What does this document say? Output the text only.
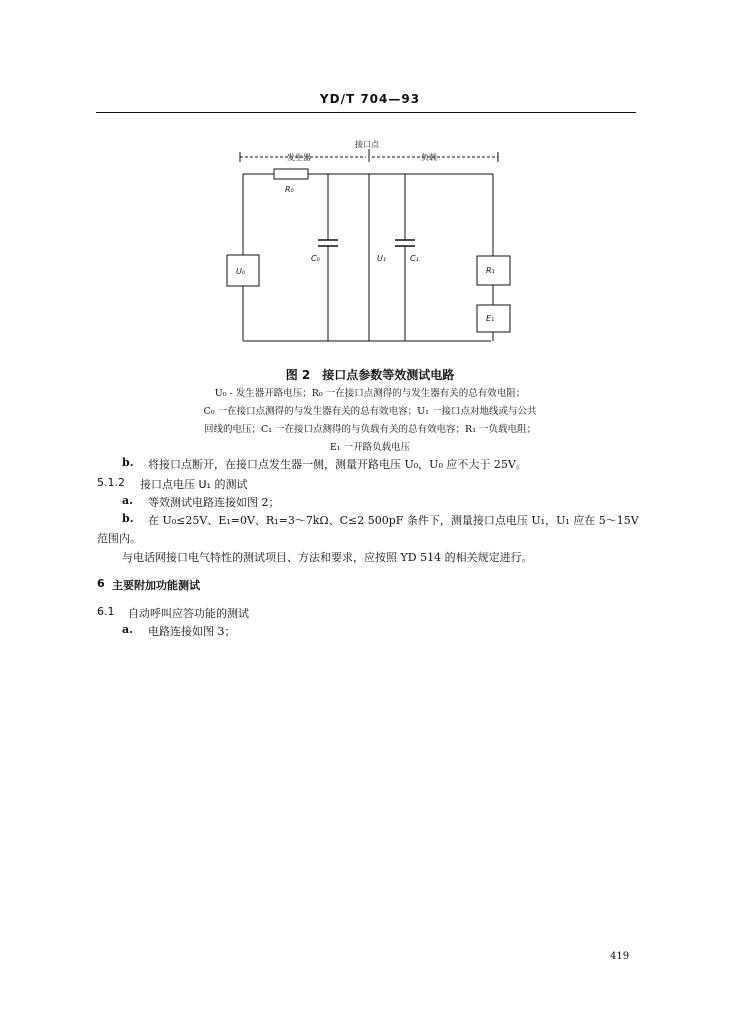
YD/T 704—93
接口点
发生器	负载
R₀
U₀
C₀	U₁	C₁
R₁
E₁
图 2　接口点参数等效测试电路
U₀ - 发生器开路电压；R₀ 一在接口点测得的与发生器有关的总有效电阻；
C₀ 一在接口点测得的与发生器有关的总有效电容；U₁ 一接口点对地线或与公共
回线的电压；C₁ 一在接口点测得的与负载有关的总有效电容；R₁ 一负载电阻；
E₁ 一开路负载电压
b. 将接口点断开，在接口点发生器一侧，测量开路电压 U₀，U₀ 应不大于 25V。
5.1.2 接口点电压 U₁ 的测试
a. 等效测试电路连接如图 2；
b. 在 U₀≤25V、E₁=0V、R₁=3～7kΩ、C≤2 500pF 条件下，测量接口点电压 U₁，U₁ 应在 5～15V
范围内。
与电话网接口电气特性的测试项目、方法和要求，应按照 YD 514 的相关规定进行。
6 主要附加功能测试
6.1 自动呼叫应答功能的测试
a. 电路连接如图 3；
419
